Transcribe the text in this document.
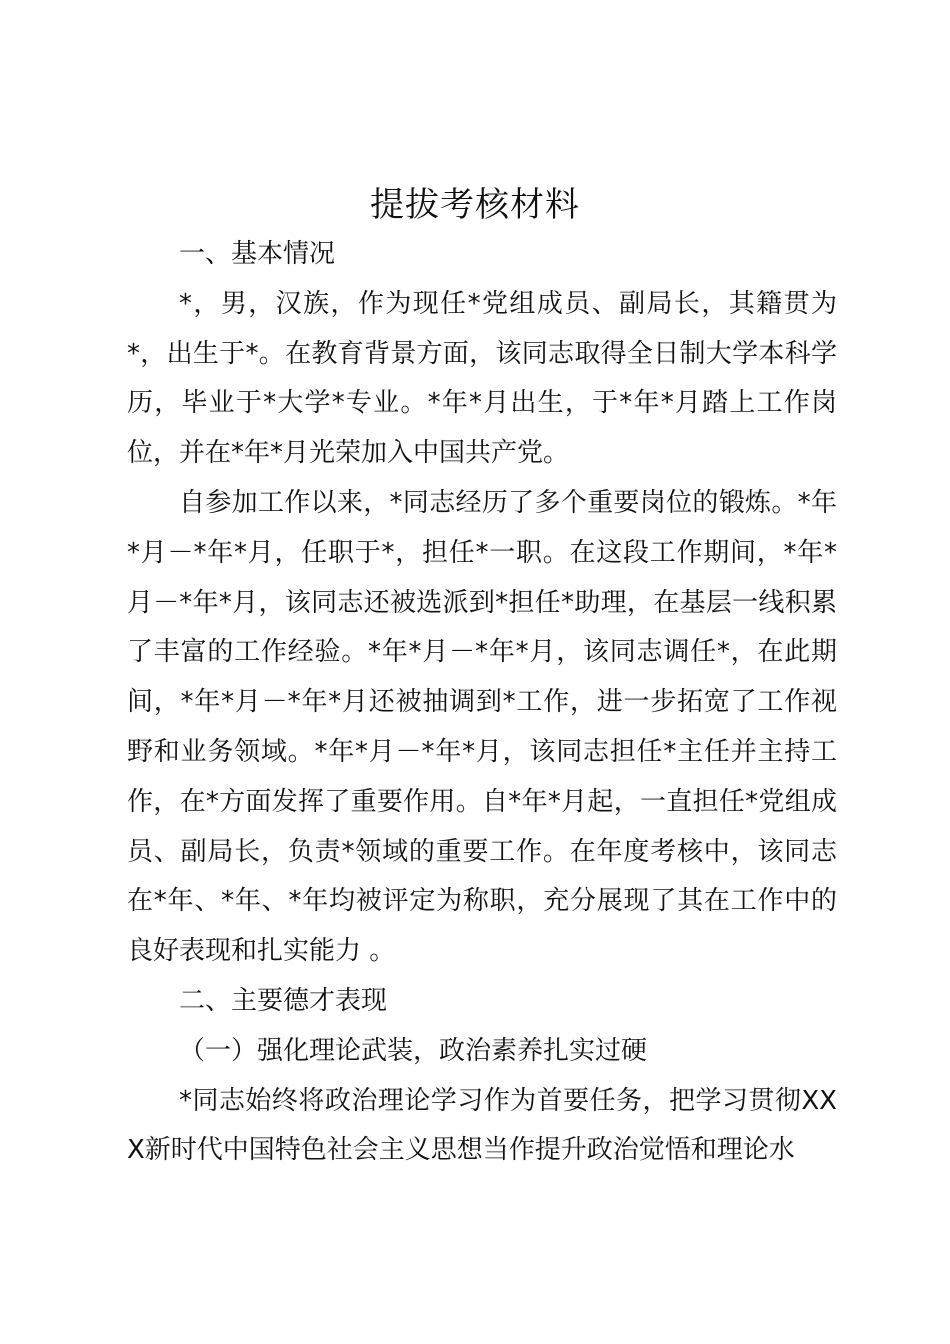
提拔考核材料

一、基本情况

*，男，汉族，作为现任*党组成员、副局长，其籍贯为*，出生于*。在教育背景方面，该同志取得全日制大学本科学历，毕业于*大学*专业。*年*月出生，于*年*月踏上工作岗位，并在*年*月光荣加入中国共产党。

自参加工作以来，*同志经历了多个重要岗位的锻炼。*年*月－*年*月，任职于*，担任*一职。在这段工作期间，*年*月－*年*月，该同志还被选派到*担任*助理，在基层一线积累了丰富的工作经验。*年*月－*年*月，该同志调任*，在此期间，*年*月－*年*月还被抽调到*工作，进一步拓宽了工作视野和业务领域。*年*月－*年*月，该同志担任*主任并主持工作，在*方面发挥了重要作用。自*年*月起，一直担任*党组成员、副局长，负责*领域的重要工作。在年度考核中，该同志在*年、*年、*年均被评定为称职，充分展现了其在工作中的良好表现和扎实能力 。

二、主要德才表现

（一）强化理论武装，政治素养扎实过硬

*同志始终将政治理论学习作为首要任务，把学习贯彻XXX新时代中国特色社会主义思想当作提升政治觉悟和理论水
